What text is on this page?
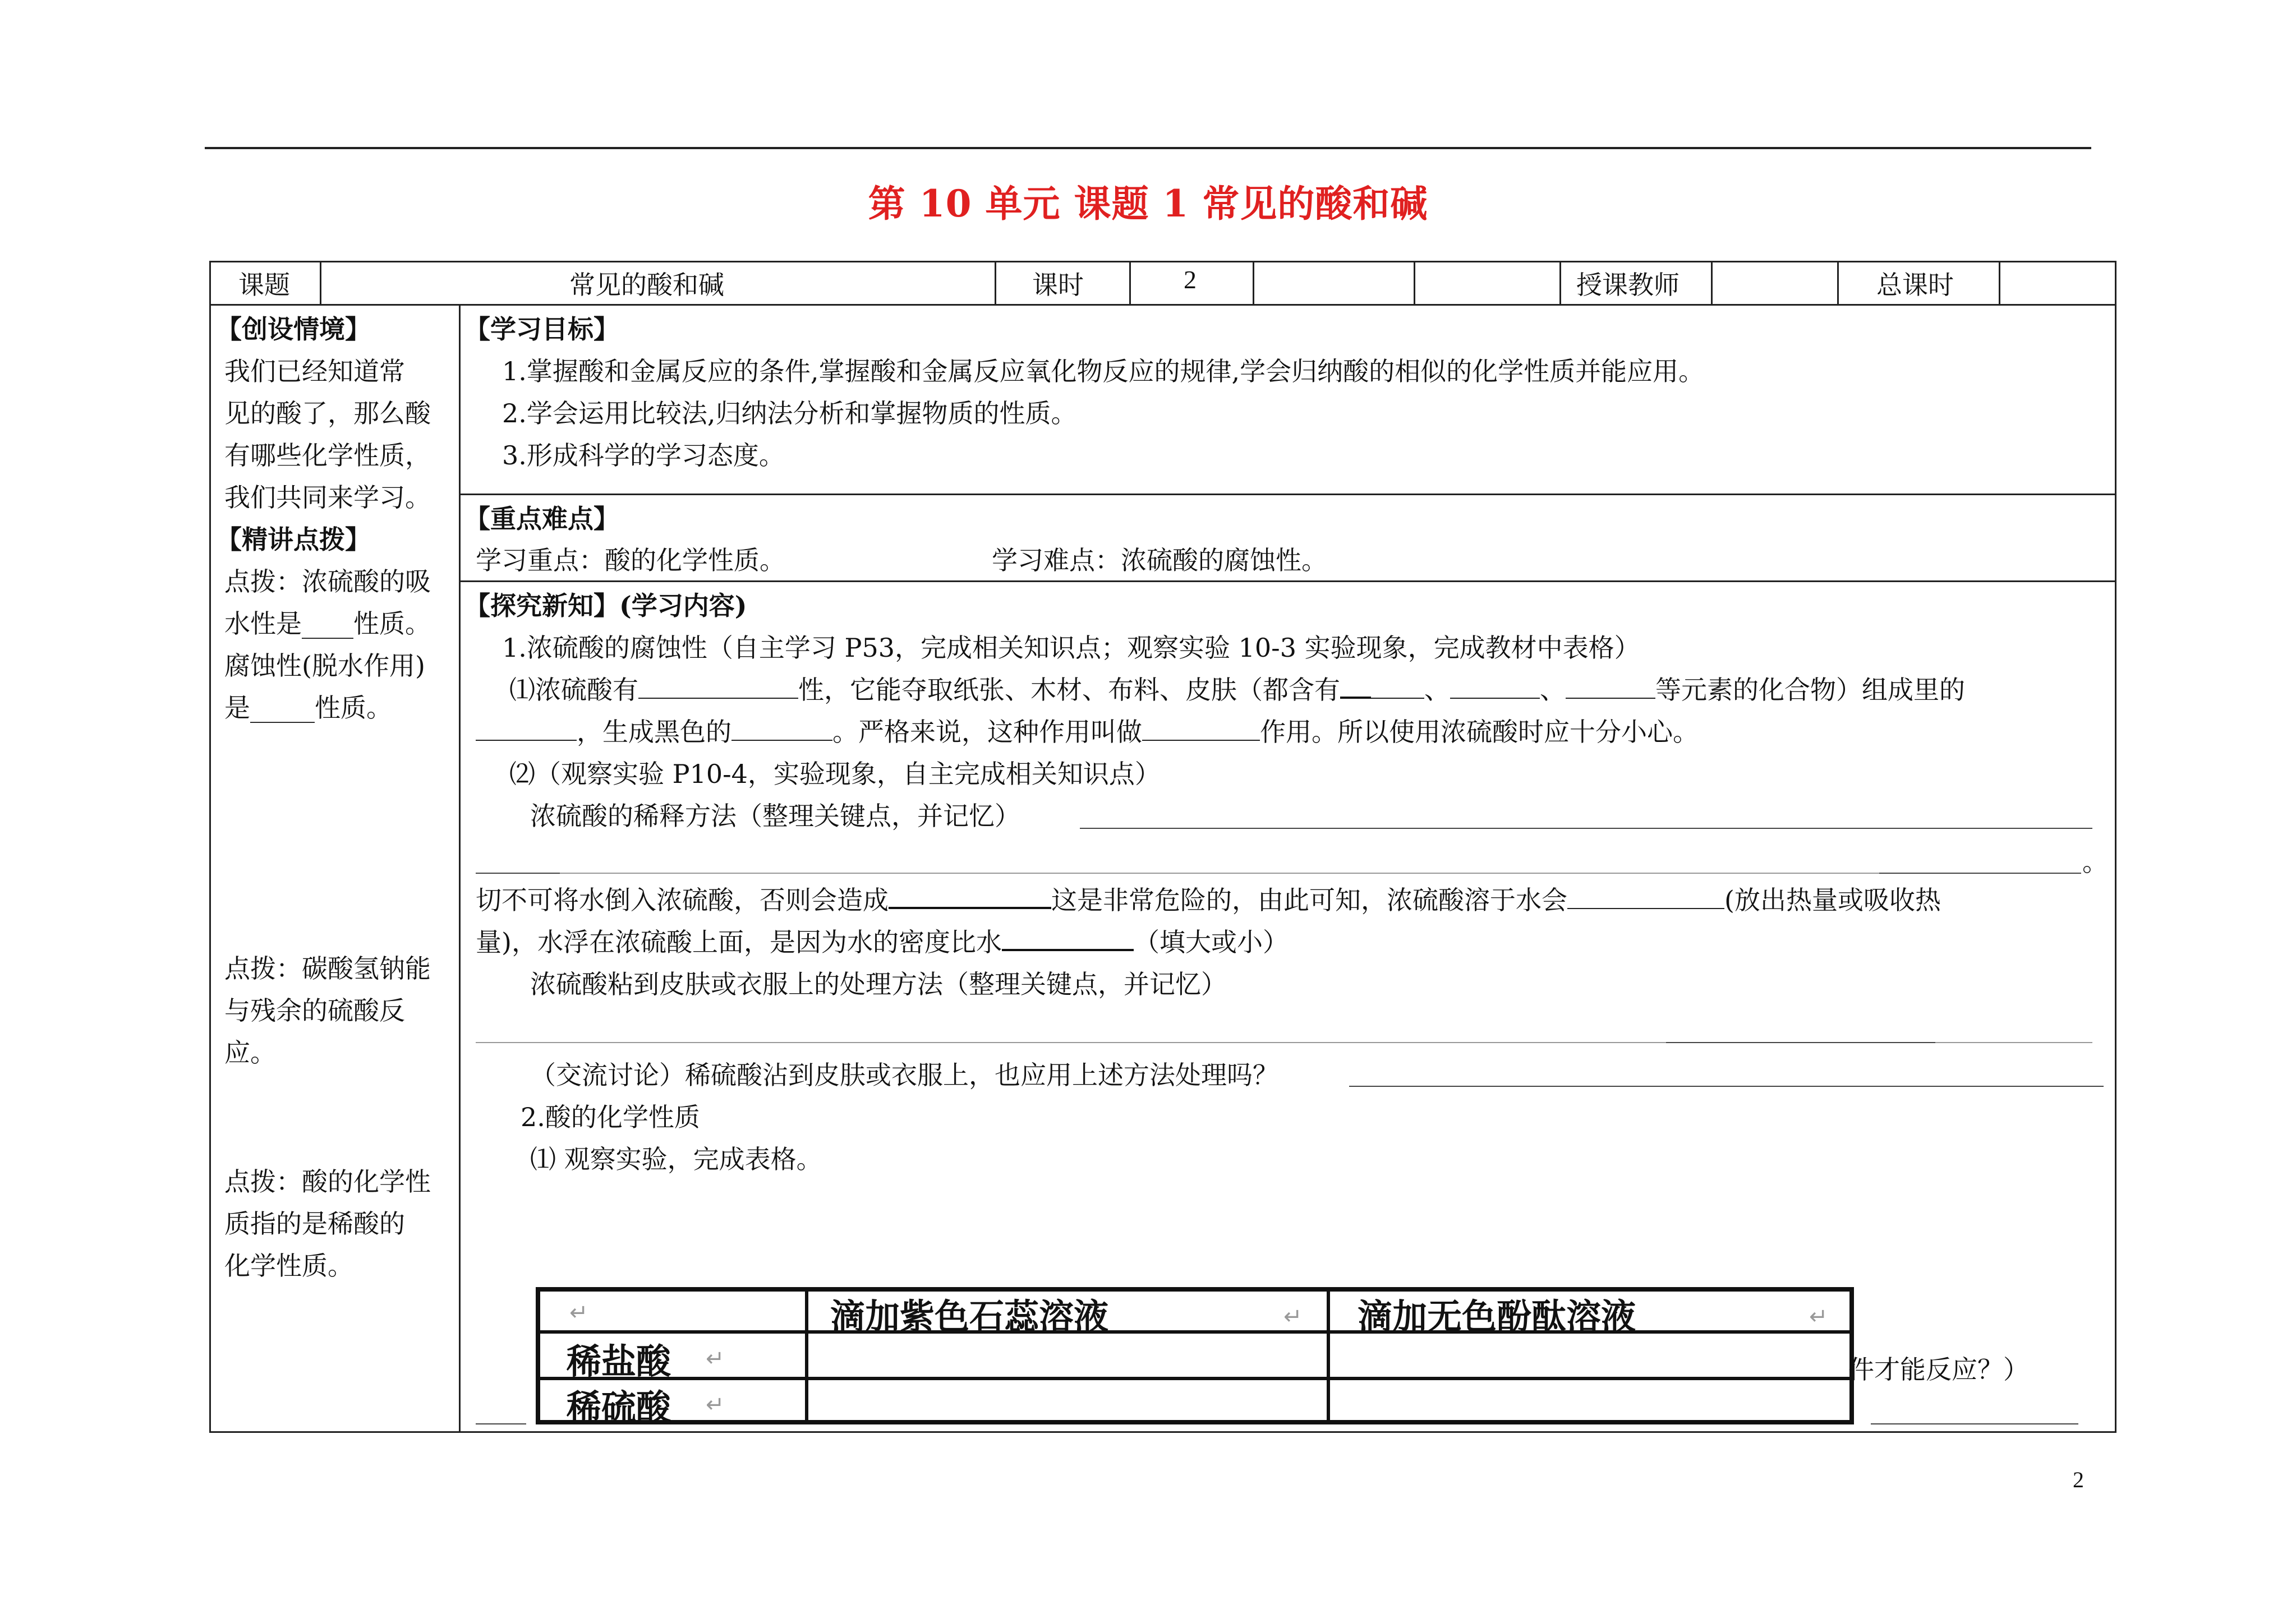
第 10 单元 课题 1 常见的酸和碱
课题	常见的酸和碱	课时	2	授课教师	总课时
【创设情境】
我们已经知道常
见的酸了，那么酸
有哪些化学性质，
我们共同来学习。
【精讲点拨】
点拨：浓硫酸的吸
水性是____性质。
腐蚀性(脱水作用)
是_____性质。
点拨：碳酸氢钠能
与残余的硫酸反
应。
点拨：酸的化学性
质指的是稀酸的
化学性质。
【学习目标】
1.掌握酸和金属反应的条件,掌握酸和金属反应氧化物反应的规律,学会归纳酸的相似的化学性质并能应用。
2.学会运用比较法,归纳法分析和掌握物质的性质。
3.形成科学的学习态度。
【重点难点】
学习重点：酸的化学性质。	学习难点：浓硫酸的腐蚀性。
【探究新知】(学习内容)
1.浓硫酸的腐蚀性（自主学习 P53，完成相关知识点；观察实验 10-3 实验现象，完成教材中表格）
⑴浓硫酸有	性，它能夺取纸张、木材、布料、皮肤（都含有	、	、	等元素的化合物）组成里的
，生成黑色的	。严格来说，这种作用叫做	作用。所以使用浓硫酸时应十分小心。
⑵（观察实验 P10-4，实验现象，自主完成相关知识点）
浓硫酸的稀释方法（整理关键点，并记忆）
。
切不可将水倒入浓硫酸，否则会造成	这是非常危险的，由此可知，浓硫酸溶于水会	(放出热量或吸收热
量)，水浮在浓硫酸上面，是因为水的密度比水	（填大或小）
浓硫酸粘到皮肤或衣服上的处理方法（整理关键点，并记忆）
（交流讨论）稀硫酸沾到皮肤或衣服上，也应用上述方法处理吗？
2.酸的化学性质
⑴ 观察实验，完成表格。
件才能反应？）
↵	滴加紫色石蕊溶液	↵ 滴加无色酚酞溶液	↵
稀盐酸 ↵
稀硫酸 ↵
2
